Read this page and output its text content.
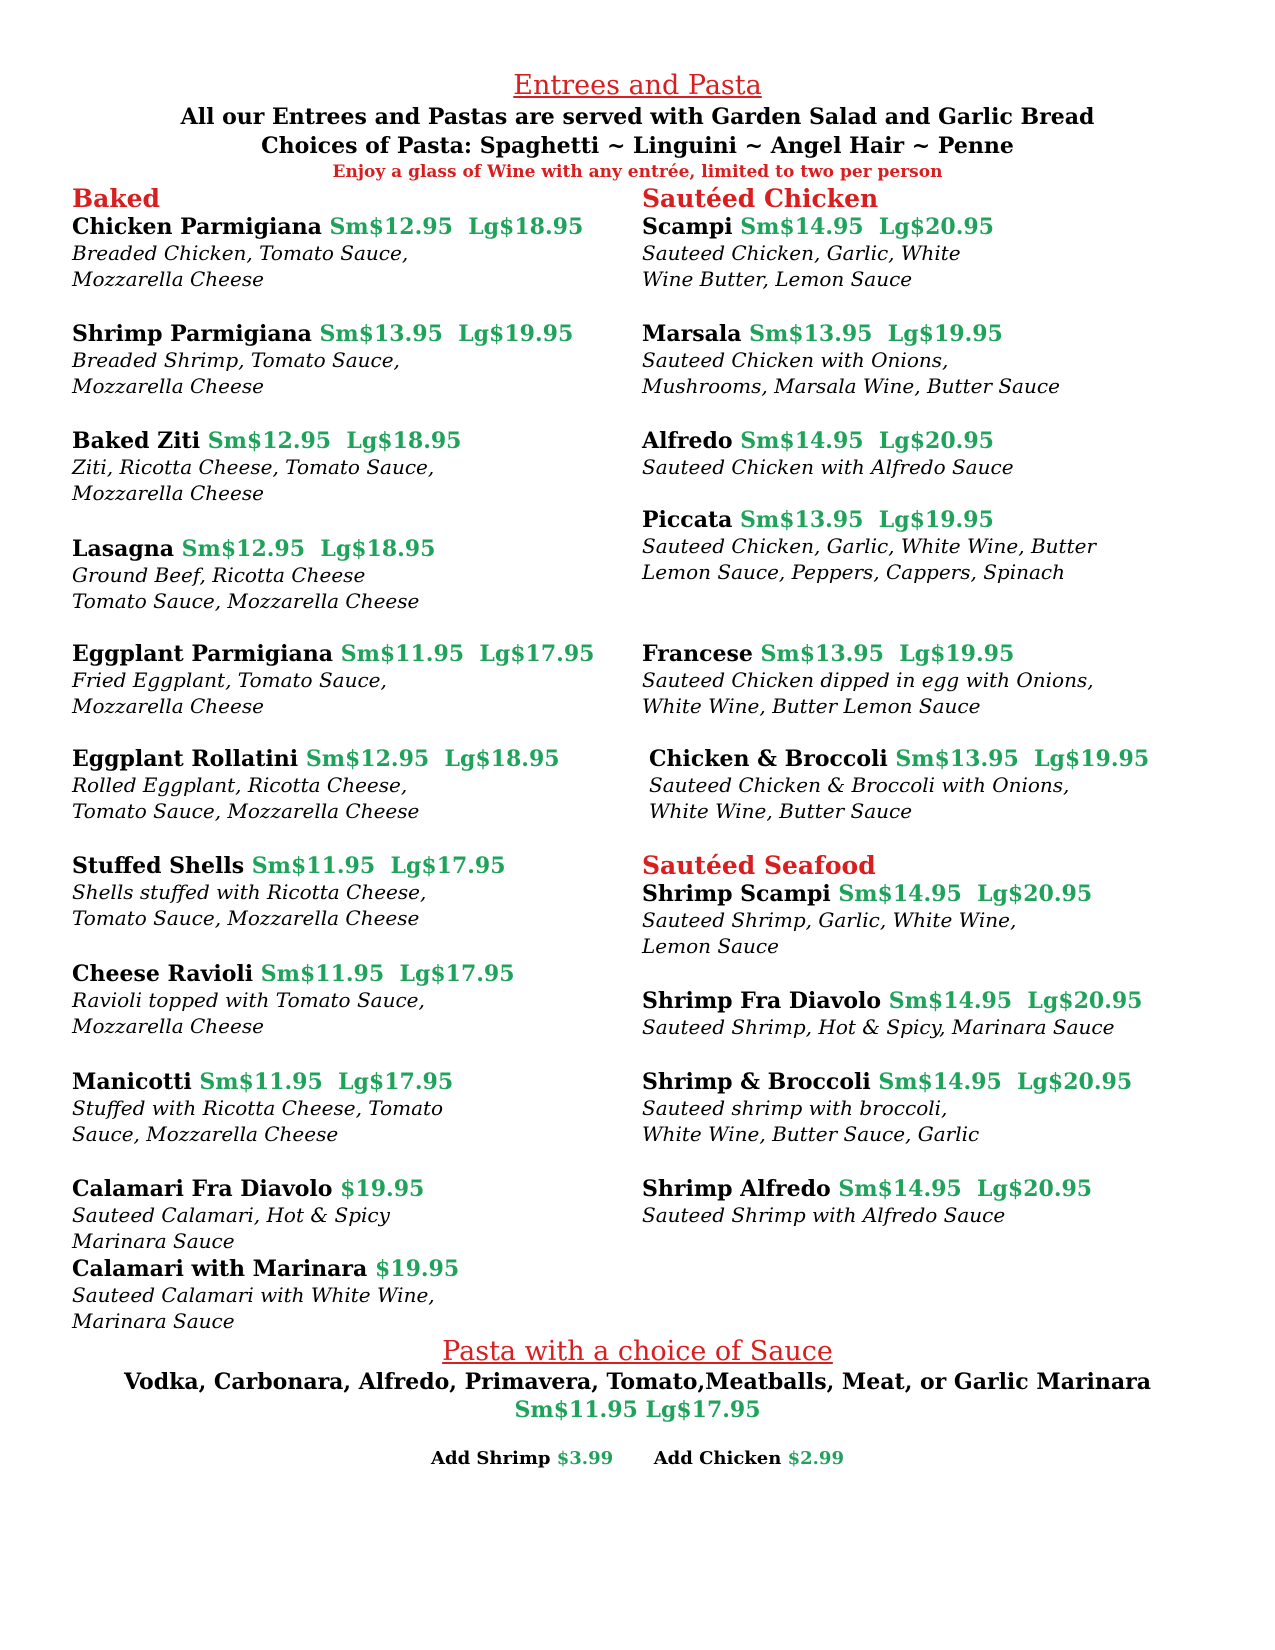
Entrees and Pasta
All our Entrees and Pastas are served with Garden Salad and Garlic Bread
Choices of Pasta: Spaghetti ~ Linguini ~ Angel Hair ~ Penne
Enjoy a glass of Wine with any entrée, limited to two per person
Baked	Sautéed Chicken
Sautéed Seafood
Chicken Parmigiana Sm$12.95  Lg$18.95
Breaded Chicken, Tomato Sauce,
Mozzarella Cheese
Shrimp Parmigiana Sm$13.95  Lg$19.95
Breaded Shrimp, Tomato Sauce,
Mozzarella Cheese
Baked Ziti Sm$12.95  Lg$18.95
Ziti, Ricotta Cheese, Tomato Sauce,
Mozzarella Cheese
Lasagna Sm$12.95  Lg$18.95
Ground Beef, Ricotta Cheese
Tomato Sauce, Mozzarella Cheese
Eggplant Parmigiana Sm$11.95  Lg$17.95
Fried Eggplant, Tomato Sauce,
Mozzarella Cheese
Eggplant Rollatini Sm$12.95  Lg$18.95
Rolled Eggplant, Ricotta Cheese,
Tomato Sauce, Mozzarella Cheese
Stuffed Shells Sm$11.95  Lg$17.95
Shells stuffed with Ricotta Cheese,
Tomato Sauce, Mozzarella Cheese
Cheese Ravioli Sm$11.95  Lg$17.95
Ravioli topped with Tomato Sauce,
Mozzarella Cheese
Manicotti Sm$11.95  Lg$17.95
Stuffed with Ricotta Cheese, Tomato
Sauce, Mozzarella Cheese
Calamari Fra Diavolo $19.95
Sauteed Calamari, Hot & Spicy
Marinara Sauce
Calamari with Marinara $19.95
Sauteed Calamari with White Wine,
Marinara Sauce
Scampi Sm$14.95  Lg$20.95
Sauteed Chicken, Garlic, White
Wine Butter, Lemon Sauce
Marsala Sm$13.95  Lg$19.95
Sauteed Chicken with Onions,
Mushrooms, Marsala Wine, Butter Sauce
Alfredo Sm$14.95  Lg$20.95
Sauteed Chicken with Alfredo Sauce
Piccata Sm$13.95  Lg$19.95
Sauteed Chicken, Garlic, White Wine, Butter
Lemon Sauce, Peppers, Cappers, Spinach
Francese Sm$13.95  Lg$19.95
Sauteed Chicken dipped in egg with Onions,
White Wine, Butter Lemon Sauce
Chicken & Broccoli Sm$13.95  Lg$19.95
Sauteed Chicken & Broccoli with Onions,
White Wine, Butter Sauce
Shrimp Scampi Sm$14.95  Lg$20.95
Sauteed Shrimp, Garlic, White Wine,
Lemon Sauce
Shrimp Fra Diavolo Sm$14.95  Lg$20.95
Sauteed Shrimp, Hot & Spicy, Marinara Sauce
Shrimp & Broccoli Sm$14.95  Lg$20.95
Sauteed shrimp with broccoli,
White Wine, Butter Sauce, Garlic
Shrimp Alfredo Sm$14.95  Lg$20.95
Sauteed Shrimp with Alfredo Sauce
Pasta with a choice of Sauce
Vodka, Carbonara, Alfredo, Primavera, Tomato,Meatballs, Meat, or Garlic Marinara
Sm$11.95 Lg$17.95
Add Shrimp $3.99 Add Chicken $2.99
